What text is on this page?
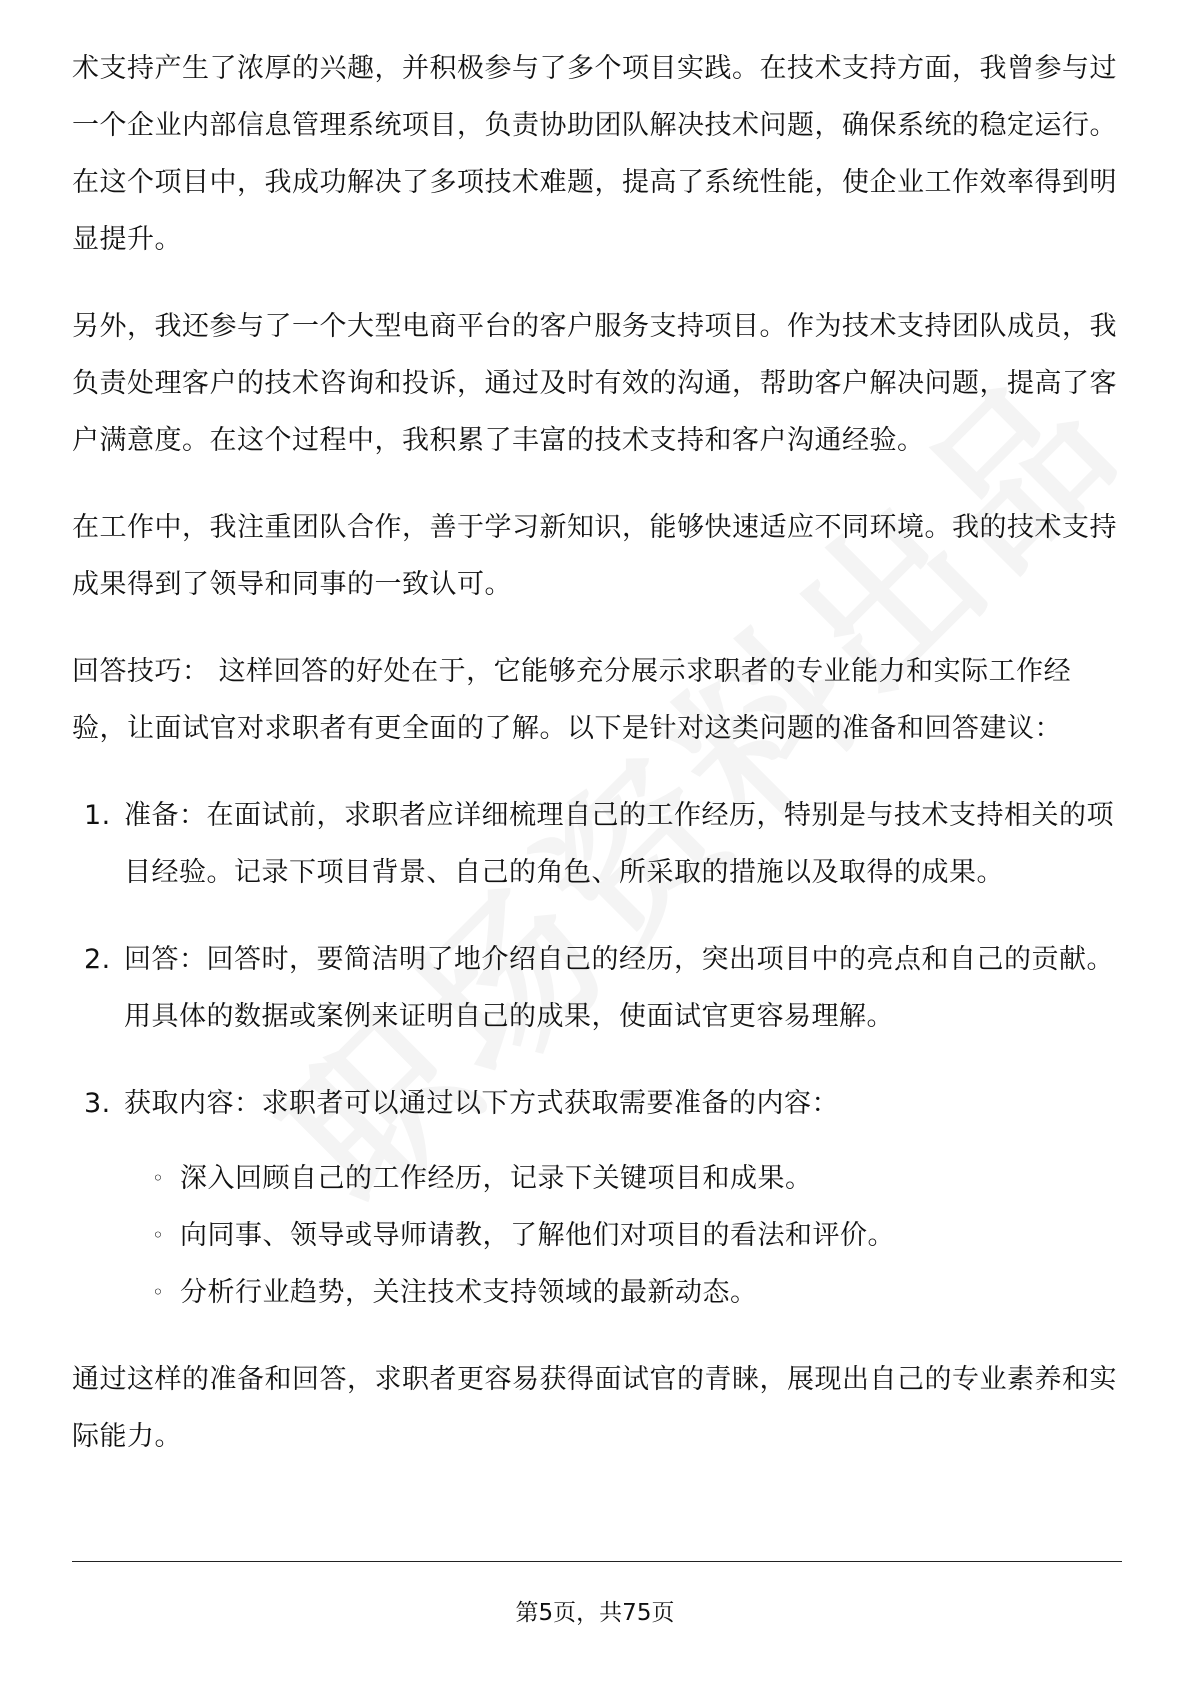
术支持产生了浓厚的兴趣，并积极参与了多个项目实践。在技术支持方面，我曾参与过一个企业内部信息管理系统项目，负责协助团队解决技术问题，确保系统的稳定运行。在这个项目中，我成功解决了多项技术难题，提高了系统性能，使企业工作效率得到明显提升。

另外，我还参与了一个大型电商平台的客户服务支持项目。作为技术支持团队成员，我负责处理客户的技术咨询和投诉，通过及时有效的沟通，帮助客户解决问题，提高了客户满意度。在这个过程中，我积累了丰富的技术支持和客户沟通经验。

在工作中，我注重团队合作，善于学习新知识，能够快速适应不同环境。我的技术支持成果得到了领导和同事的一致认可。

回答技巧： 这样回答的好处在于，它能够充分展示求职者的专业能力和实际工作经验，让面试官对求职者有更全面的了解。以下是针对这类问题的准备和回答建议：

1. 准备：在面试前，求职者应详细梳理自己的工作经历，特别是与技术支持相关的项目经验。记录下项目背景、自己的角色、所采取的措施以及取得的成果。
2. 回答：回答时，要简洁明了地介绍自己的经历，突出项目中的亮点和自己的贡献。用具体的数据或案例来证明自己的成果，使面试官更容易理解。
3. 获取内容：求职者可以通过以下方式获取需要准备的内容：
◦ 深入回顾自己的工作经历，记录下关键项目和成果。
◦ 向同事、领导或导师请教，了解他们对项目的看法和评价。
◦ 分析行业趋势，关注技术支持领域的最新动态。

通过这样的准备和回答，求职者更容易获得面试官的青睐，展现出自己的专业素养和实际能力。

第5页，共75页
